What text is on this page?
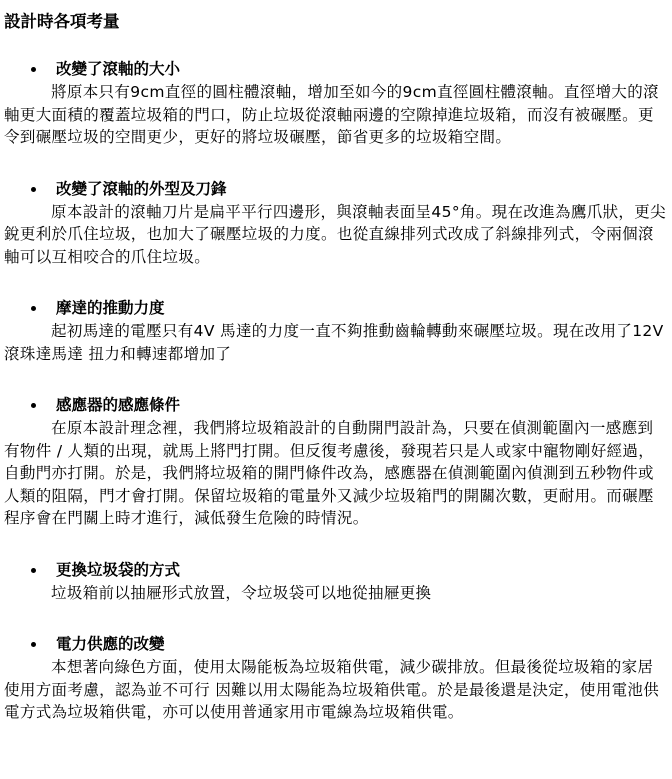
設計時各項考量
改變了滾軸的大小

將原本只有9cm直徑的圓柱體滾軸，增加至如今的9cm直徑圓柱體滾軸。直徑增大的滾軸更大面積的覆蓋垃圾箱的門口，防止垃圾從滾軸兩邊的空隙掉進垃圾箱，而沒有被碾壓。更令到碾壓垃圾的空間更少，更好的將垃圾碾壓，節省更多的垃圾箱空間。

改變了滾軸的外型及刀鋒

原本設計的滾軸刀片是扁平平行四邊形，與滾軸表面呈45°角。現在改進為鷹爪狀，更尖銳更利於爪住垃圾，也加大了碾壓垃圾的力度。也從直線排列式改成了斜線排列式，令兩個滾軸可以互相咬合的爪住垃圾。

摩達的推動力度

起初馬達的電壓只有4V 馬達的力度一直不夠推動齒輪轉動來碾壓垃圾。現在改用了12V滾珠達馬達 扭力和轉速都增加了

感應器的感應條件

在原本設計理念裡，我們將垃圾箱設計的自動開門設計為，只要在偵測範圍內一感應到有物件 / 人類的出現，就馬上將門打開。但反復考慮後，發現若只是人或家中寵物剛好經過，自動門亦打開。於是，我們將垃圾箱的開門條件改為，感應器在偵測範圍內偵測到五秒物件或人類的阻隔，門才會打開。保留垃圾箱的電量外又減少垃圾箱門的開關次數，更耐用。而碾壓程序會在門關上時才進行，減低發生危險的時情況。

更換垃圾袋的方式

垃圾箱前以抽屜形式放置，令垃圾袋可以地從抽屜更換

電力供應的改變

本想著向綠色方面，使用太陽能板為垃圾箱供電，減少碳排放。但最後從垃圾箱的家居使用方面考慮，認為並不可行 因難以用太陽能為垃圾箱供電。於是最後還是決定，使用電池供電方式為垃圾箱供電，亦可以使用普通家用市電線為垃圾箱供電。
